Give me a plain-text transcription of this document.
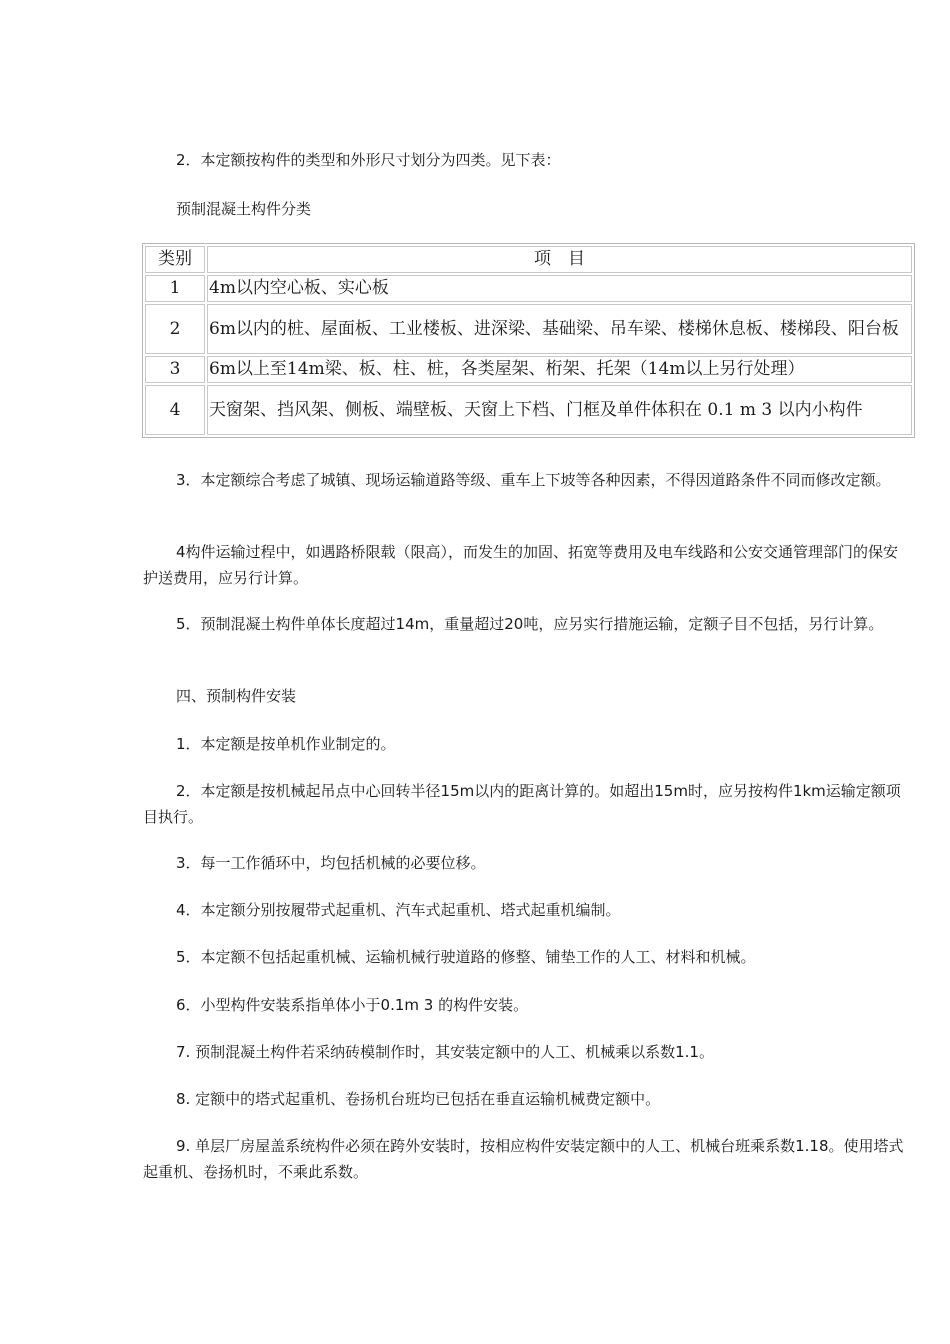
2．本定额按构件的类型和外形尺寸划分为四类。见下表：
预制混凝土构件分类
类别	项　目
1	4m以内空心板、实心板
2	6m以内的桩、屋面板、工业楼板、进深梁、基础梁、吊车梁、楼梯休息板、楼梯段、阳台板
3	6m以上至14m梁、板、柱、桩，各类屋架、桁架、托架（14m以上另行处理）
4	天窗架、挡风架、侧板、端壁板、天窗上下档、门框及单件体积在 0.1 m 3 以内小构件
3．本定额综合考虑了城镇、现场运输道路等级、重车上下坡等各种因素，不得因道路条件不同而修改定额。
4构件运输过程中，如遇路桥限载（限高），而发生的加固、拓宽等费用及电车线路和公安交通管理部门的保安护送费用，应另行计算。
5．预制混凝土构件单体长度超过14m，重量超过20吨，应另实行措施运输，定额子目不包括，另行计算。
四、预制构件安装
1．本定额是按单机作业制定的。
2．本定额是按机械起吊点中心回转半径15m以内的距离计算的。如超出15m时，应另按构件1km运输定额项目执行。
3．每一工作循环中，均包括机械的必要位移。
4．本定额分别按履带式起重机、汽车式起重机、塔式起重机编制。
5．本定额不包括起重机械、运输机械行驶道路的修整、铺垫工作的人工、材料和机械。
6．小型构件安装系指单体小于0.1m 3 的构件安装。
7. 预制混凝土构件若采纳砖模制作时，其安装定额中的人工、机械乘以系数1.1。
8. 定额中的塔式起重机、卷扬机台班均已包括在垂直运输机械费定额中。
9. 单层厂房屋盖系统构件必须在跨外安装时，按相应构件安装定额中的人工、机械台班乘系数1.18。使用塔式起重机、卷扬机时，不乘此系数。
